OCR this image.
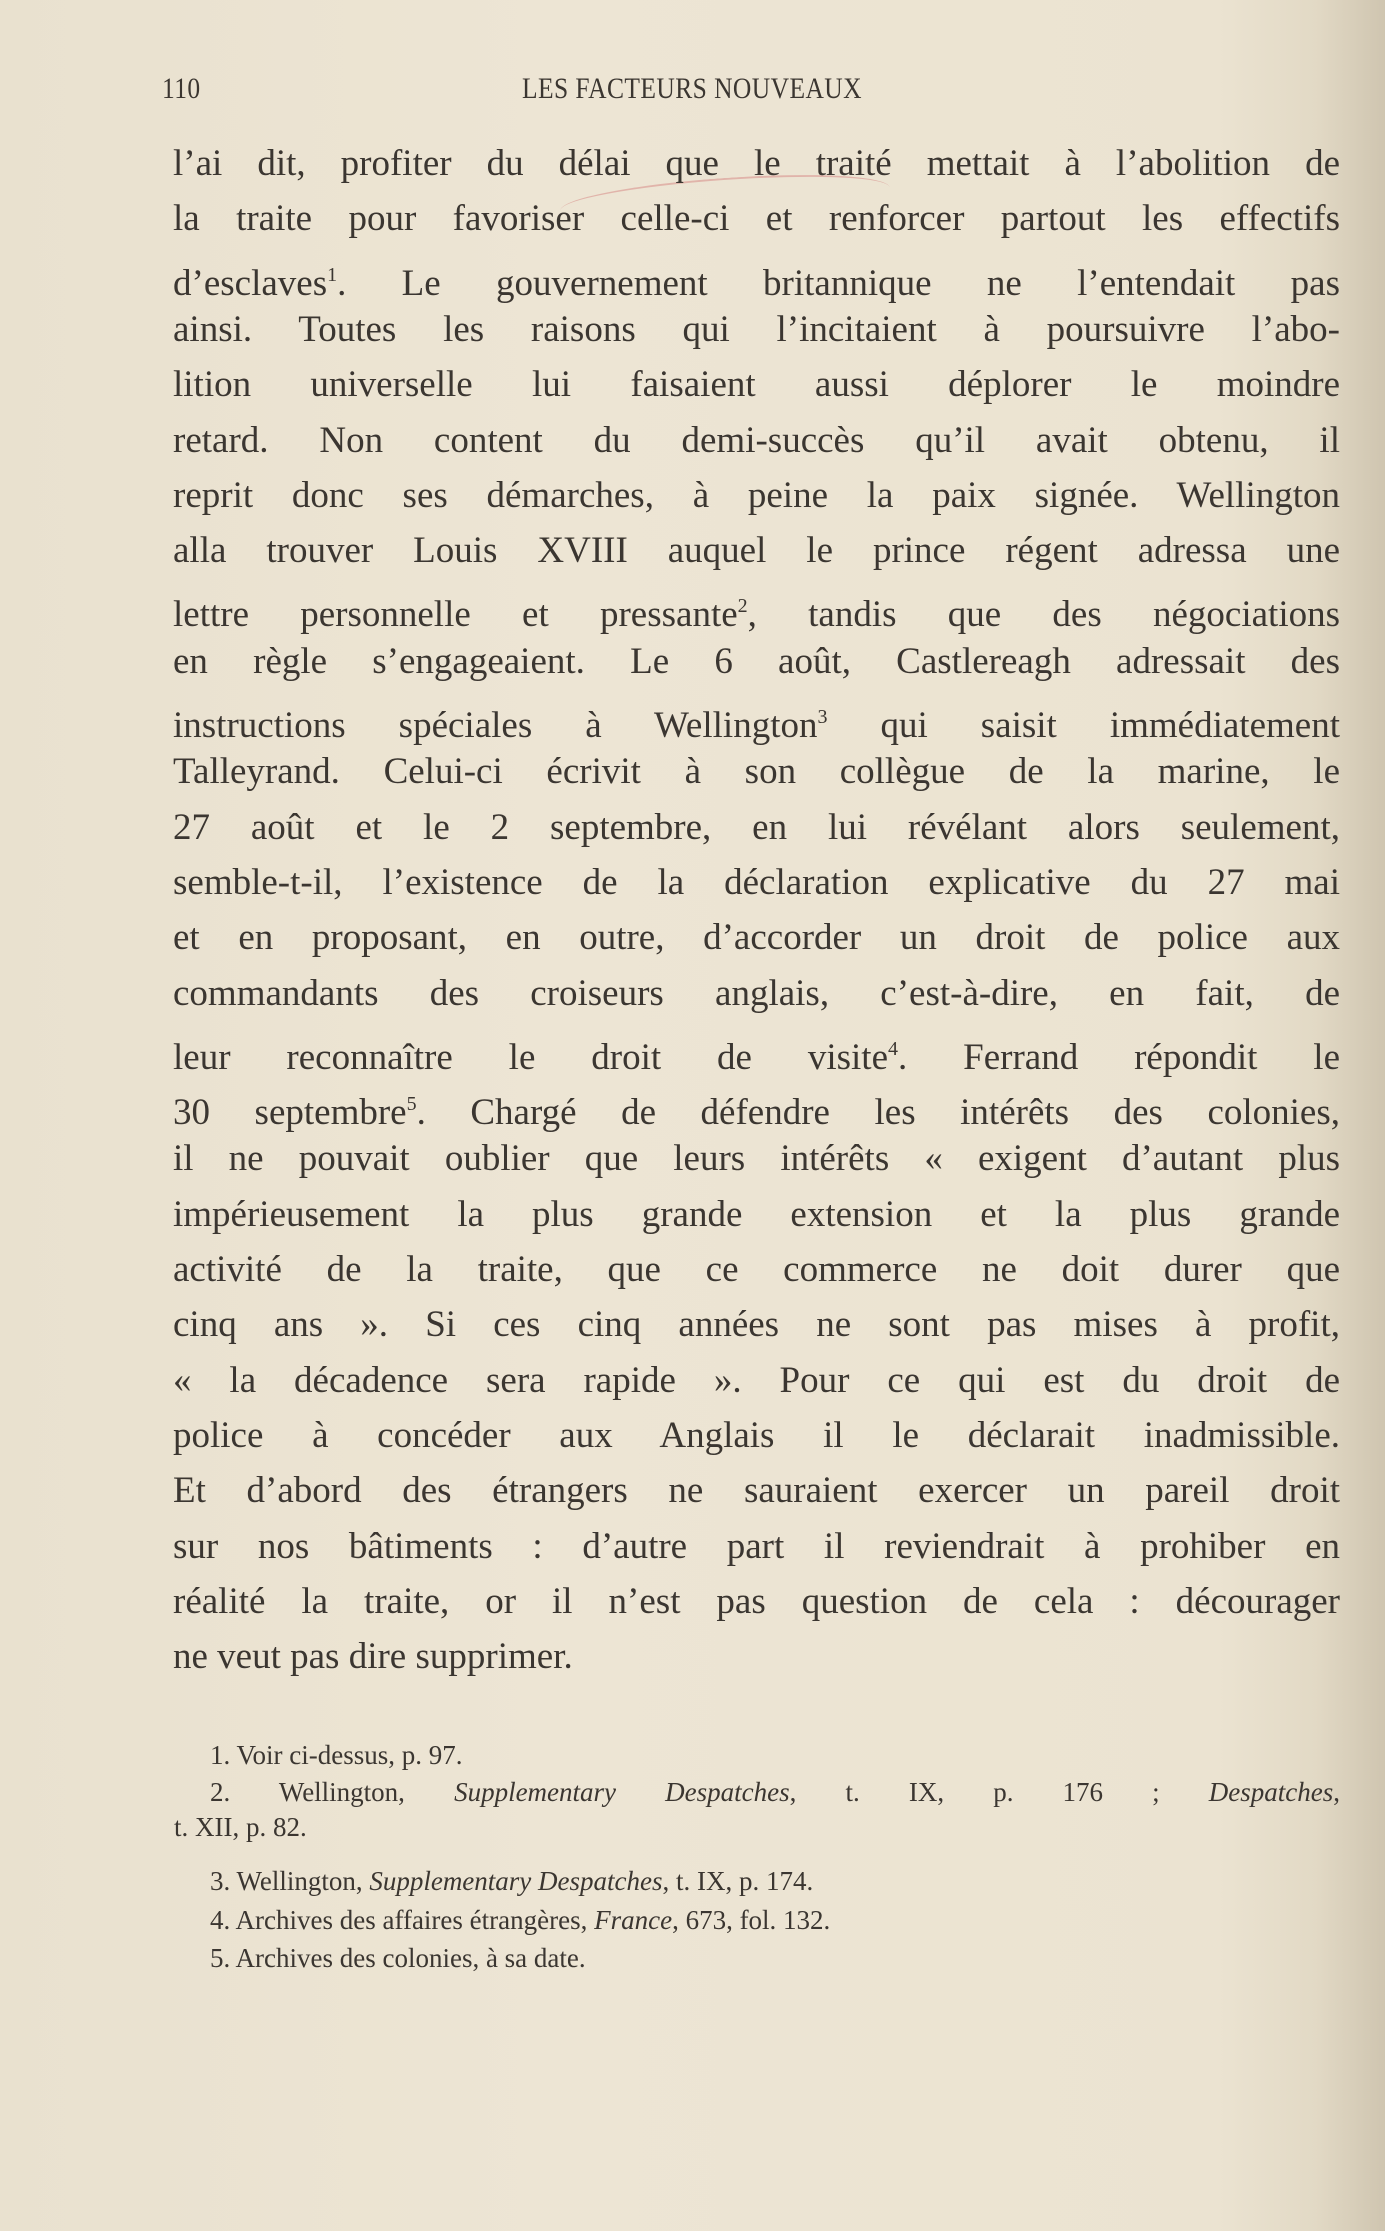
110	LES FACTEURS NOUVEAUX
l’ai dit, profiter du délai que le traité mettait à l’abolition de
la traite pour favoriser celle-ci et renforcer partout les effectifs
d’esclaves$^1$. Le gouvernement britannique ne l’entendait pas
ainsi. Toutes les raisons qui l’incitaient à poursuivre l’abo-
lition universelle lui faisaient aussi déplorer le moindre
retard. Non content du demi-succès qu’il avait obtenu, il
reprit donc ses démarches, à peine la paix signée. Wellington
alla trouver Louis XVIII auquel le prince régent adressa une
lettre personnelle et pressante$^2$, tandis que des négociations
en règle s’engageaient. Le 6 août, Castlereagh adressait des
instructions spéciales à Wellington$^3$ qui saisit immédiatement
Talleyrand. Celui-ci écrivit à son collègue de la marine, le
27 août et le 2 septembre, en lui révélant alors seulement,
semble-t-il, l’existence de la déclaration explicative du 27 mai
et en proposant, en outre, d’accorder un droit de police aux
commandants des croiseurs anglais, c’est-à-dire, en fait, de
leur reconnaître le droit de visite$^4$. Ferrand répondit le
30 septembre$^5$. Chargé de défendre les intérêts des colonies,
il ne pouvait oublier que leurs intérêts « exigent d’autant plus
impérieusement la plus grande extension et la plus grande
activité de la traite, que ce commerce ne doit durer que
cinq ans ». Si ces cinq années ne sont pas mises à profit,
« la décadence sera rapide ». Pour ce qui est du droit de
police à concéder aux Anglais il le déclarait inadmissible.
Et d’abord des étrangers ne sauraient exercer un pareil droit
sur nos bâtiments : d’autre part il reviendrait à prohiber en
réalité la traite, or il n’est pas question de cela : décourager
ne veut pas dire supprimer.
1. Voir ci-dessus, p. 97.
2. Wellington, Supplementary Despatches, t. IX, p. 176 ; Despatches,
t. XII, p. 82.
3. Wellington, Supplementary Despatches, t. IX, p. 174.
4. Archives des affaires étrangères, France, 673, fol. 132.
5. Archives des colonies, à sa date.
